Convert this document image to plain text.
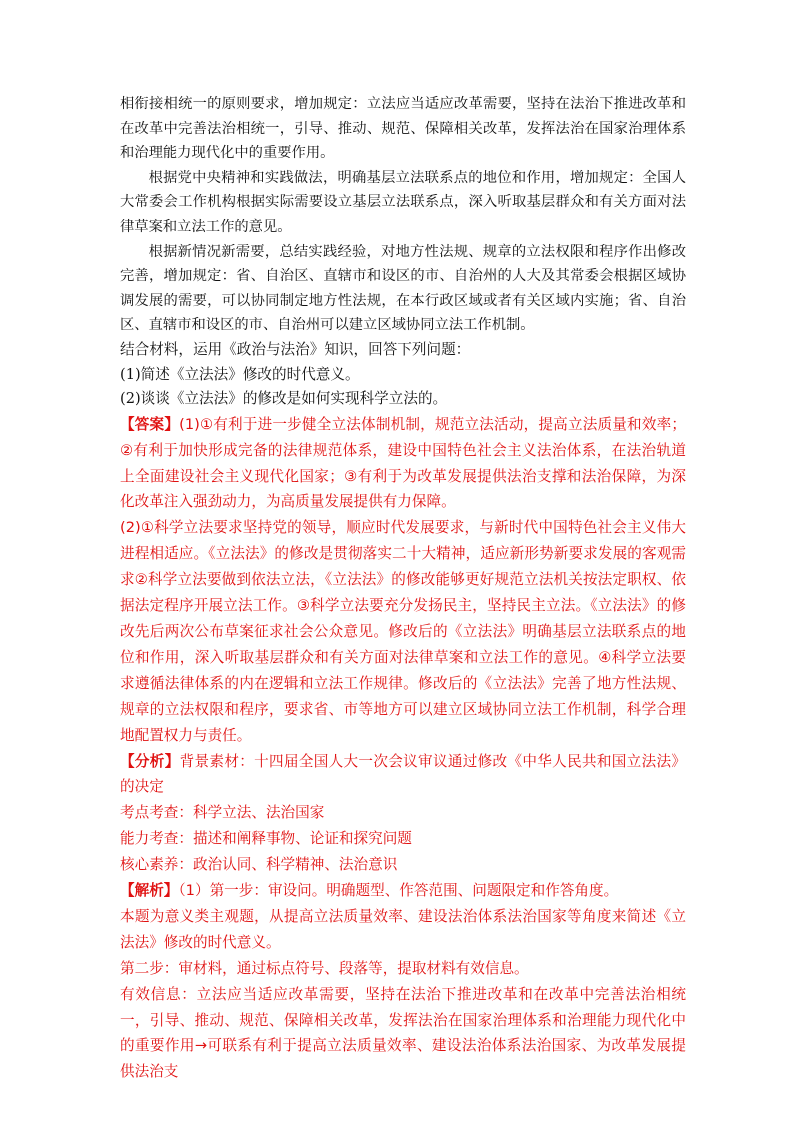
相衔接相统一的原则要求，增加规定：立法应当适应改革需要，坚持在法治下推进改革和在改革中完善法治相统一，引导、推动、规范、保障相关改革，发挥法治在国家治理体系和治理能力现代化中的重要作用。

根据党中央精神和实践做法，明确基层立法联系点的地位和作用，增加规定：全国人大常委会工作机构根据实际需要设立基层立法联系点，深入听取基层群众和有关方面对法律草案和立法工作的意见。

根据新情况新需要，总结实践经验，对地方性法规、规章的立法权限和程序作出修改完善，增加规定：省、自治区、直辖市和设区的市、自治州的人大及其常委会根据区域协调发展的需要，可以协同制定地方性法规，在本行政区域或者有关区域内实施；省、自治区、直辖市和设区的市、自治州可以建立区域协同立法工作机制。

结合材料，运用《政治与法治》知识，回答下列问题：

(1)简述《立法法》修改的时代意义。

(2)谈谈《立法法》的修改是如何实现科学立法的。

【答案】(1)①有利于进一步健全立法体制机制，规范立法活动，提高立法质量和效率；②有利于加快形成完备的法律规范体系，建设中国特色社会主义法治体系，在法治轨道上全面建设社会主义现代化国家；③有利于为改革发展提供法治支撑和法治保障，为深化改革注入强劲动力，为高质量发展提供有力保障。

(2)①科学立法要求坚持党的领导，顺应时代发展要求，与新时代中国特色社会主义伟大进程相适应。《立法法》的修改是贯彻落实二十大精神，适应新形势新要求发展的客观需求②科学立法要做到依法立法，《立法法》的修改能够更好规范立法机关按法定职权、依据法定程序开展立法工作。③科学立法要充分发扬民主，坚持民主立法。《立法法》的修改先后两次公布草案征求社会公众意见。修改后的《立法法》明确基层立法联系点的地位和作用，深入听取基层群众和有关方面对法律草案和立法工作的意见。④科学立法要求遵循法律体系的内在逻辑和立法工作规律。修改后的《立法法》完善了地方性法规、规章的立法权限和程序，要求省、市等地方可以建立区域协同立法工作机制，科学合理地配置权力与责任。

【分析】背景素材：十四届全国人大一次会议审议通过修改《中华人民共和国立法法》的决定

考点考查：科学立法、法治国家

能力考查：描述和阐释事物、论证和探究问题

核心素养：政治认同、科学精神、法治意识

【解析】（1）第一步：审设问。明确题型、作答范围、问题限定和作答角度。

本题为意义类主观题，从提高立法质量效率、建设法治体系法治国家等角度来简述《立法法》修改的时代意义。

第二步：审材料，通过标点符号、段落等，提取材料有效信息。

有效信息：立法应当适应改革需要，坚持在法治下推进改革和在改革中完善法治相统一，引导、推动、规范、保障相关改革，发挥法治在国家治理体系和治理能力现代化中的重要作用→可联系有利于提高立法质量效率、建设法治体系法治国家、为改革发展提供法治支
